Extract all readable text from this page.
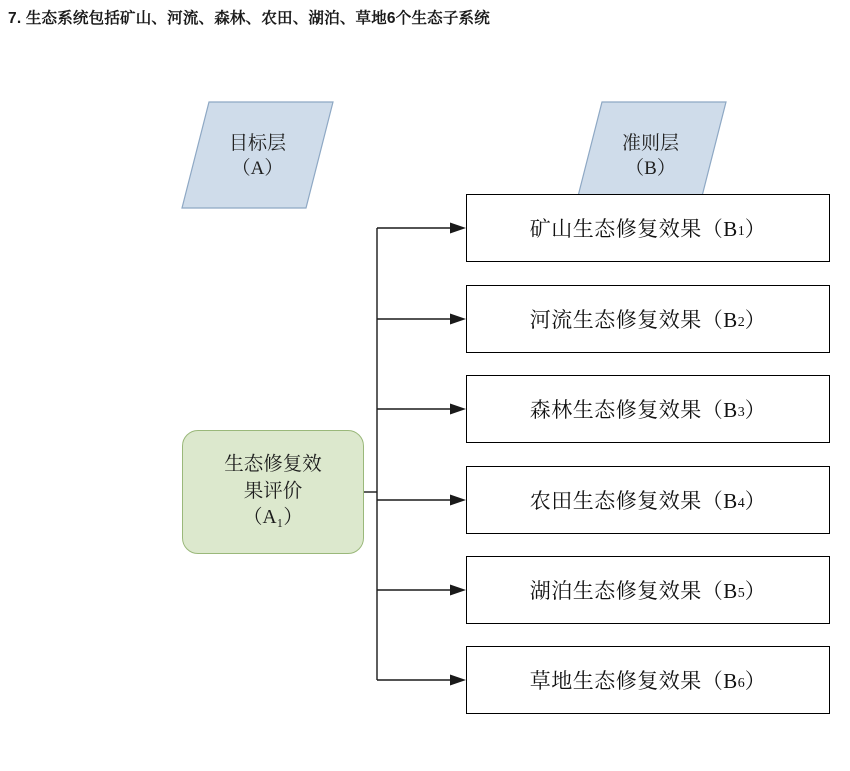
7. 生态系统包括矿山、河流、森林、农田、湖泊、草地6个生态子系统
目标层
（A）
准则层
（B）
生态修复效
果评价
（A₁）
矿山生态修复效果（B 1 ）
河流生态修复效果（B 2 ）
森林生态修复效果（B 3 ）
农田生态修复效果（B 4 ）
湖泊生态修复效果（B 5 ）
草地生态修复效果（B 6 ）
